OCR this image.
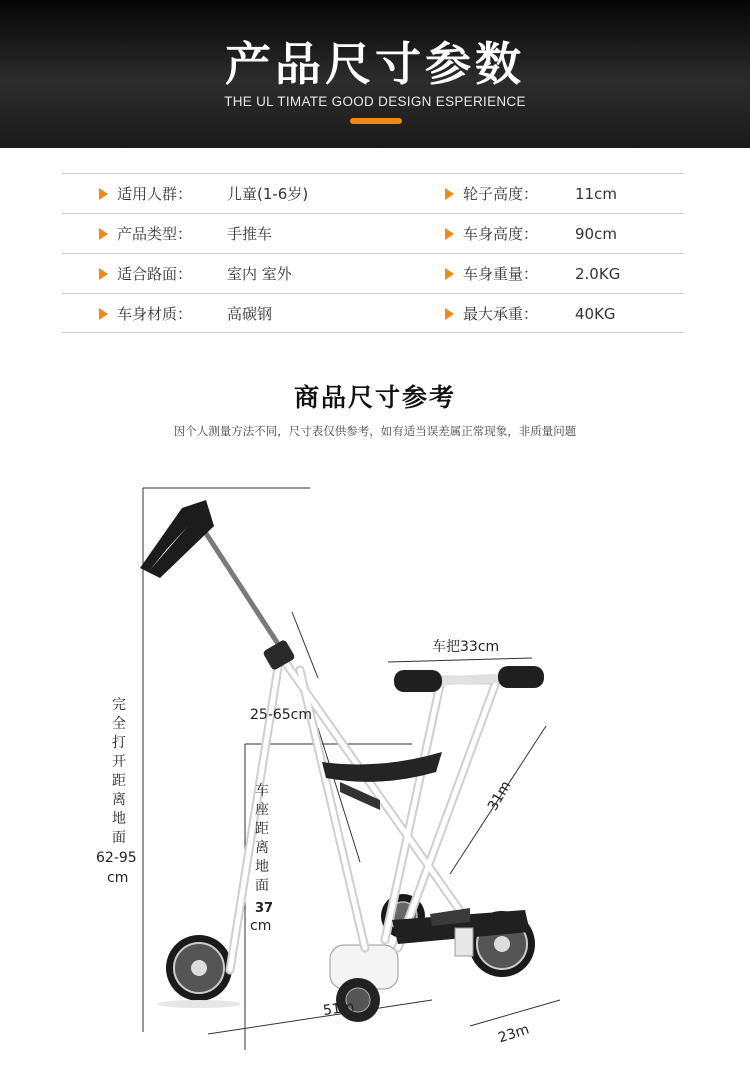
产品尺寸参数
THE UL TIMATE GOOD DESIGN ESPERIENCE
适用人群： 儿童(1-6岁)	轮子高度： 11cm
产品类型： 手推车	车身高度： 90cm
适合路面： 室内 室外	车身重量： 2.0KG
车身材质： 高碳钢	最大承重： 40KG
商品尺寸参考
因个人测量方法不同，尺寸表仅供参考，如有适当误差属正常现象，非质量问题
完全打开距离地面
62-95
cm
25-65cm
车把33cm
车座距离地面
37
cm
31m
51m
23m
